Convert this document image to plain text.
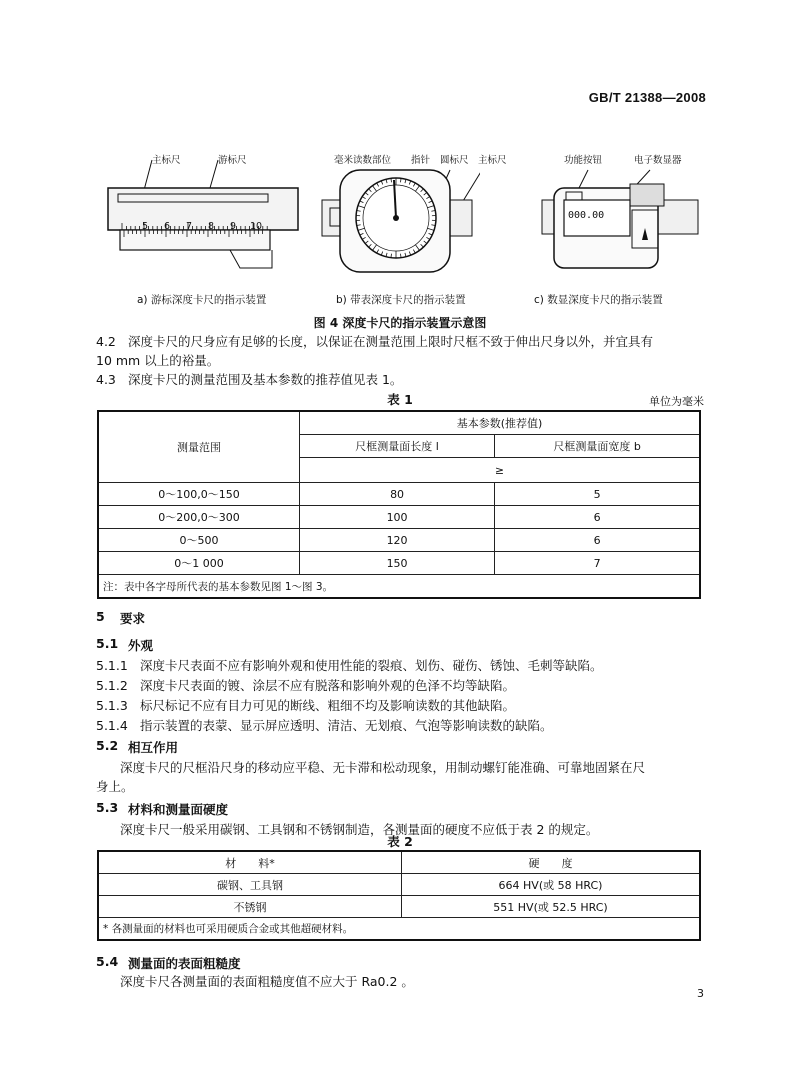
GB/T 21388—2008
主标尺	游标尺
5 6 7 8 9 10
毫米读数部位 指针 圆标尺 主标尺	功能按钮	电子数显器
000.00
a) 游标深度卡尺的指示装置	b) 带表深度卡尺的指示装置	c) 数显深度卡尺的指示装置
图 4 深度卡尺的指示装置示意图
4.2 深度卡尺的尺身应有足够的长度，以保证在测量范围上限时尺框不致于伸出尺身以外，并宜具有
10 mm 以上的裕量。
4.3 深度卡尺的测量范围及基本参数的推荐值见表 1。
表 1	单位为毫米
测量范围	基本参数(推荐值)	
	尺框测量面长度 l	尺框测量面宽度 b
	≥	
0～100,0～150	80	5
0～200,0～300	100	6
0～500	120	6
0～1 000	150	7
注：表中各字母所代表的基本参数见图 1～图 3。		
5 要求
5.1 外观
5.1.1 深度卡尺表面不应有影响外观和使用性能的裂痕、划伤、碰伤、锈蚀、毛刺等缺陷。
5.1.2 深度卡尺表面的镀、涂层不应有脱落和影响外观的色泽不均等缺陷。
5.1.3 标尺标记不应有目力可见的断线、粗细不均及影响读数的其他缺陷。
5.1.4 指示装置的表蒙、显示屏应透明、清洁、无划痕、气泡等影响读数的缺陷。
5.2 相互作用
深度卡尺的尺框沿尺身的移动应平稳、无卡滞和松动现象，用制动螺钉能准确、可靠地固紧在尺
身上。
5.3 材料和测量面硬度
深度卡尺一般采用碳钢、工具钢和不锈钢制造，各测量面的硬度不应低于表 2 的规定。
表 2
材　　料*	硬　　度
碳钢、工具钢	664 HV(或 58 HRC)
不锈钢	551 HV(或 52.5 HRC)
* 各测量面的材料也可采用硬质合金或其他超硬材料。	
5.4 测量面的表面粗糙度
深度卡尺各测量面的表面粗糙度值不应大于 Ra0.2 。
3
